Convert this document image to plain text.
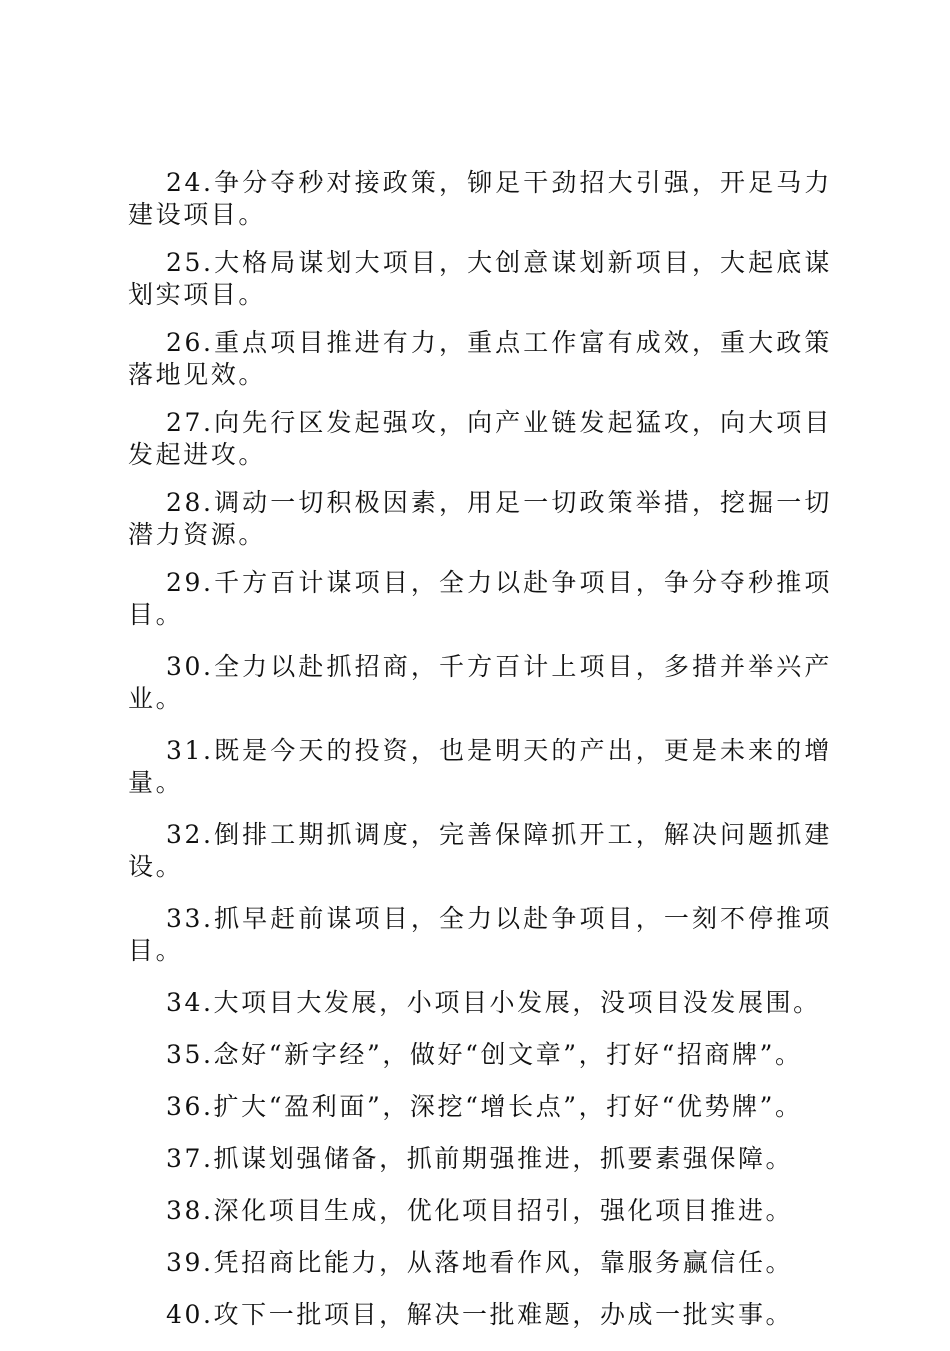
24.争分夺秒对接政策，铆足干劲招大引强，开足马力建设项目。

25.大格局谋划大项目，大创意谋划新项目，大起底谋划实项目。

26.重点项目推进有力，重点工作富有成效，重大政策落地见效。

27.向先行区发起强攻，向产业链发起猛攻，向大项目发起进攻。

28.调动一切积极因素，用足一切政策举措，挖掘一切潜力资源。

29.千方百计谋项目，全力以赴争项目，争分夺秒推项目。

30.全力以赴抓招商，千方百计上项目，多措并举兴产业。

31.既是今天的投资，也是明天的产出，更是未来的增量。

32.倒排工期抓调度，完善保障抓开工，解决问题抓建设。

33.抓早赶前谋项目，全力以赴争项目，一刻不停推项目。

34.大项目大发展，小项目小发展，没项目没发展围。

35.念好“新字经”，做好“创文章”，打好“招商牌”。

36.扩大“盈利面”，深挖“增长点”，打好“优势牌”。

37.抓谋划强储备，抓前期强推进，抓要素强保障。

38.深化项目生成，优化项目招引，强化项目推进。

39.凭招商比能力，从落地看作风，靠服务赢信任。

40.攻下一批项目，解决一批难题，办成一批实事。
